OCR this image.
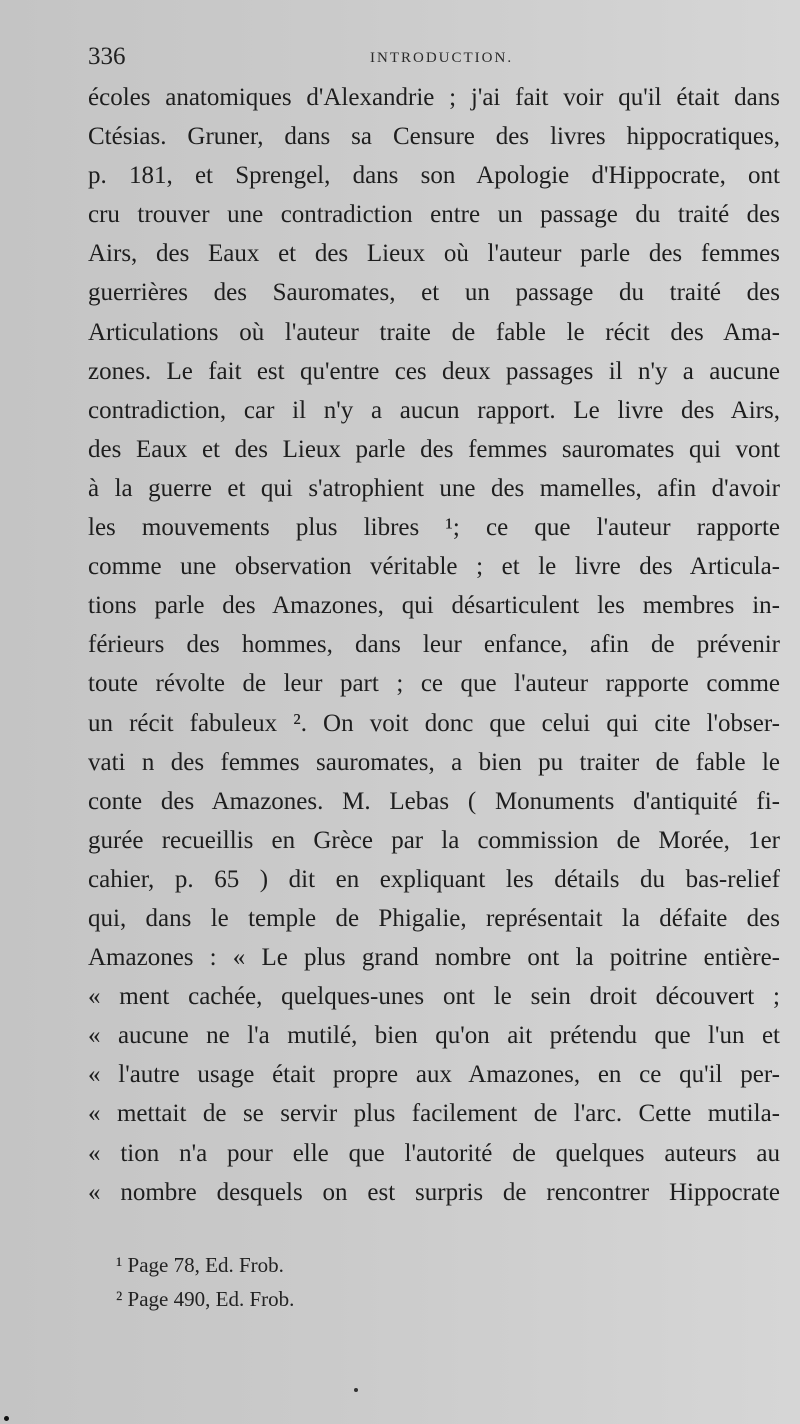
336	INTRODUCTION.
écoles anatomiques d'Alexandrie ; j'ai fait voir qu'il était dans
Ctésias. Gruner, dans sa Censure des livres hippocratiques,
p. 181, et Sprengel, dans son Apologie d'Hippocrate, ont
cru trouver une contradiction entre un passage du traité des
Airs, des Eaux et des Lieux où l'auteur parle des femmes
guerrières des Sauromates, et un passage du traité des
Articulations où l'auteur traite de fable le récit des Ama-
zones. Le fait est qu'entre ces deux passages il n'y a aucune
contradiction, car il n'y a aucun rapport. Le livre des Airs,
des Eaux et des Lieux parle des femmes sauromates qui vont
à la guerre et qui s'atrophient une des mamelles, afin d'avoir
les mouvements plus libres ¹; ce que l'auteur rapporte
comme une observation véritable ; et le livre des Articula-
tions parle des Amazones, qui désarticulent les membres in-
férieurs des hommes, dans leur enfance, afin de prévenir
toute révolte de leur part ; ce que l'auteur rapporte comme
un récit fabuleux ². On voit donc que celui qui cite l'obser-
vati n des femmes sauromates, a bien pu traiter de fable le
conte des Amazones. M. Lebas ( Monuments d'antiquité fi-
gurée recueillis en Grèce par la commission de Morée, 1er
cahier, p. 65 ) dit en expliquant les détails du bas-relief
qui, dans le temple de Phigalie, représentait la défaite des
Amazones : « Le plus grand nombre ont la poitrine entière-
« ment cachée, quelques-unes ont le sein droit découvert ;
« aucune ne l'a mutilé, bien qu'on ait prétendu que l'un et
« l'autre usage était propre aux Amazones, en ce qu'il per-
« mettait de se servir plus facilement de l'arc. Cette mutila-
« tion n'a pour elle que l'autorité de quelques auteurs au
« nombre desquels on est surpris de rencontrer Hippocrate
¹ Page 78, Ed. Frob.
² Page 490, Ed. Frob.
